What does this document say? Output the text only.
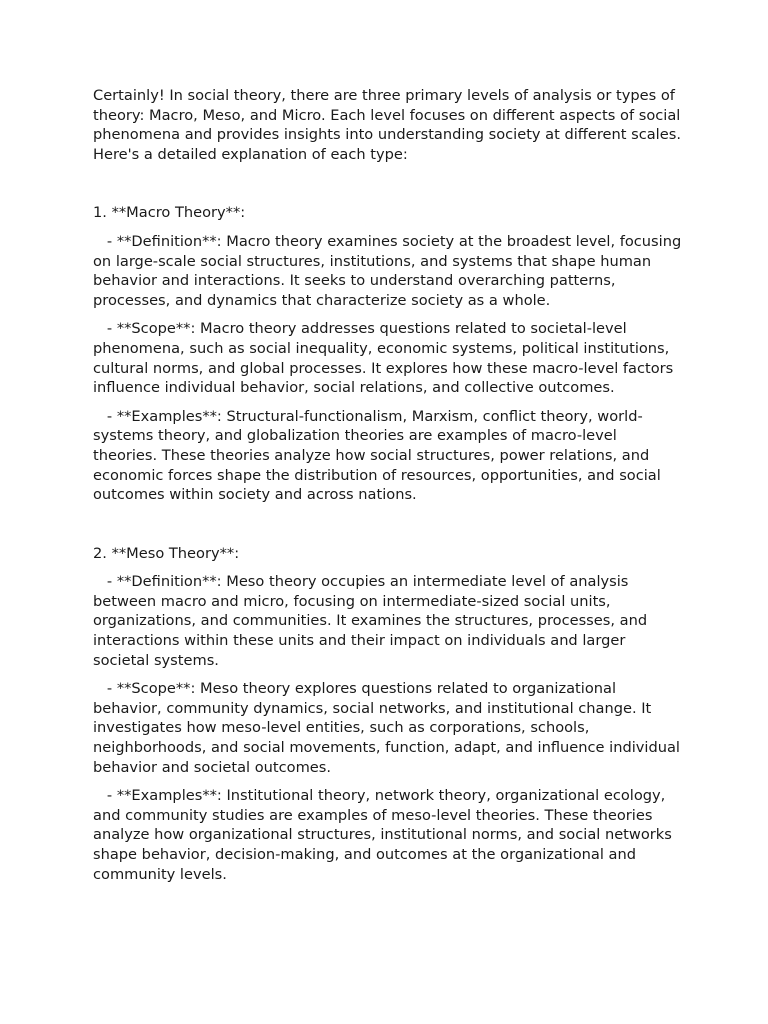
Certainly! In social theory, there are three primary levels of analysis or types of theory: Macro, Meso, and Micro. Each level focuses on different aspects of social phenomena and provides insights into understanding society at different scales. Here's a detailed explanation of each type:

1. **Macro Theory**:

- **Definition**: Macro theory examines society at the broadest level, focusing on large-scale social structures, institutions, and systems that shape human behavior and interactions. It seeks to understand overarching patterns, processes, and dynamics that characterize society as a whole.

- **Scope**: Macro theory addresses questions related to societal-level phenomena, such as social inequality, economic systems, political institutions, cultural norms, and global processes. It explores how these macro-level factors influence individual behavior, social relations, and collective outcomes.

- **Examples**: Structural-functionalism, Marxism, conflict theory, world-systems theory, and globalization theories are examples of macro-level theories. These theories analyze how social structures, power relations, and economic forces shape the distribution of resources, opportunities, and social outcomes within society and across nations.

2. **Meso Theory**:

- **Definition**: Meso theory occupies an intermediate level of analysis between macro and micro, focusing on intermediate-sized social units, organizations, and communities. It examines the structures, processes, and interactions within these units and their impact on individuals and larger societal systems.

- **Scope**: Meso theory explores questions related to organizational behavior, community dynamics, social networks, and institutional change. It investigates how meso-level entities, such as corporations, schools, neighborhoods, and social movements, function, adapt, and influence individual behavior and societal outcomes.

- **Examples**: Institutional theory, network theory, organizational ecology, and community studies are examples of meso-level theories. These theories analyze how organizational structures, institutional norms, and social networks shape behavior, decision-making, and outcomes at the organizational and community levels.
